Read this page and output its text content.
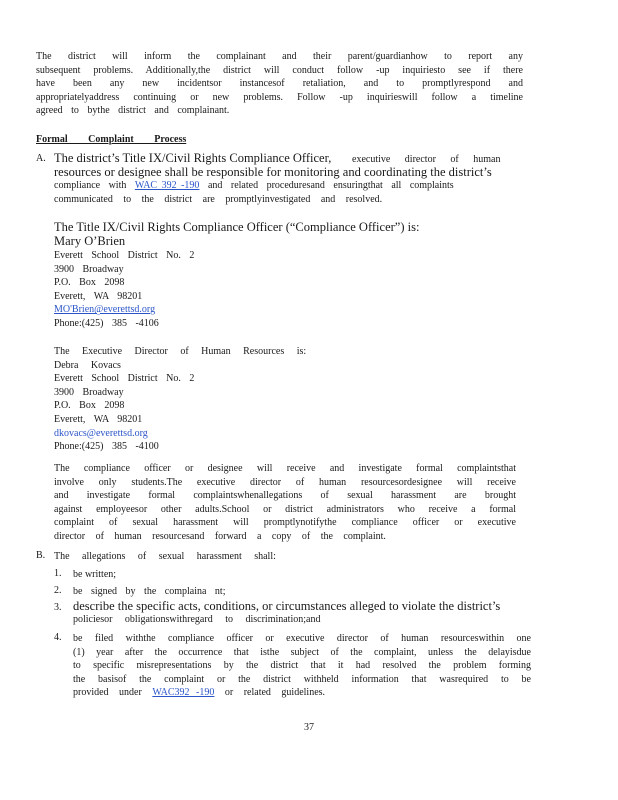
The district will inform the complainant and their parent/guardianhow to report any
subsequent problems. Additionally,the district will conduct follow -up inquiriesto see if there
have been any new incidentsor instancesof retaliation, and to promptlyrespond and
appropriatelyaddress continuing or new problems. Follow -up inquirieswill follow a timeline
agreed to bythe district and complainant.
Formal Complaint Process
A. The district’s Title IX/Civil Rights Compliance Officer, executive director of human
resources or designee shall be responsible for monitoring and coordinating the district’s
compliance with WAC 392 -190 and related proceduresand ensuringthat all complaints
communicated to the district are promptlyinvestigated and resolved.
The Title IX/Civil Rights Compliance Officer (“Compliance Officer”) is:
Mary O’Brien
Everett School District No. 2
3900 Broadway
P.O. Box 2098
Everett, WA 98201
MO'Brien@everettsd.org
Phone:(425) 385 -4106
The Executive Director of Human Resources is:
Debra Kovacs
Everett School District No. 2
3900 Broadway
P.O. Box 2098
Everett, WA 98201
dkovacs@everettsd.org
Phone:(425) 385 -4100
The compliance officer or designee will receive and investigate formal complaintsthat
involve only students.The executive director of human resourcesordesignee will receive
and investigate formal complaintswhenallegations of sexual harassment are brought
against employeesor other adults.School or district administrators who receive a formal
complaint of sexual harassment will promptlynotifythe compliance officer or executive
director of human resourcesand forward a copy of the complaint.
B. The allegations of sexual harassment shall:
1. be written;
2. be signed by the complaina nt;
3. describe the specific acts, conditions, or circumstances alleged to violate the district’s
policiesor obligationswithregard to discrimination;and
4. be filed withthe compliance officer or executive director of human resourceswithin one
(1) year after the occurrence that isthe subject of the complaint, unless the delayisdue
to specific misrepresentations by the district that it had resolved the problem forming
the basisof the complaint or the district withheld information that wasrequired to be
provided under WAC392 -190 or related guidelines.
37
